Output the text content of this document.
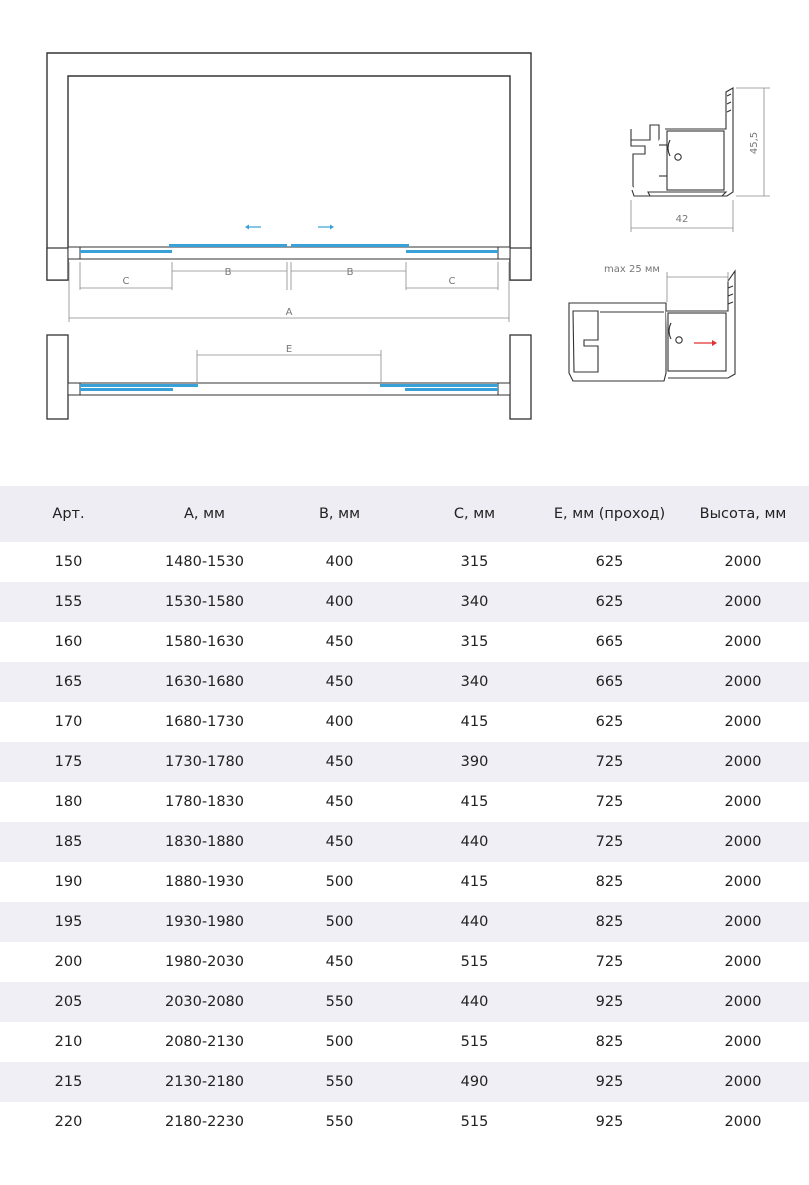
C
B	B
C
A
E
45,5
42
max 25 мм
Арт.	A, мм	B, мм	C, мм	E, мм (проход)	Высота, мм
150	1480-1530	400	315	625	2000
155	1530-1580	400	340	625	2000
160	1580-1630	450	315	665	2000
165	1630-1680	450	340	665	2000
170	1680-1730	400	415	625	2000
175	1730-1780	450	390	725	2000
180	1780-1830	450	415	725	2000
185	1830-1880	450	440	725	2000
190	1880-1930	500	415	825	2000
195	1930-1980	500	440	825	2000
200	1980-2030	450	515	725	2000
205	2030-2080	550	440	925	2000
210	2080-2130	500	515	825	2000
215	2130-2180	550	490	925	2000
220	2180-2230	550	515	925	2000
